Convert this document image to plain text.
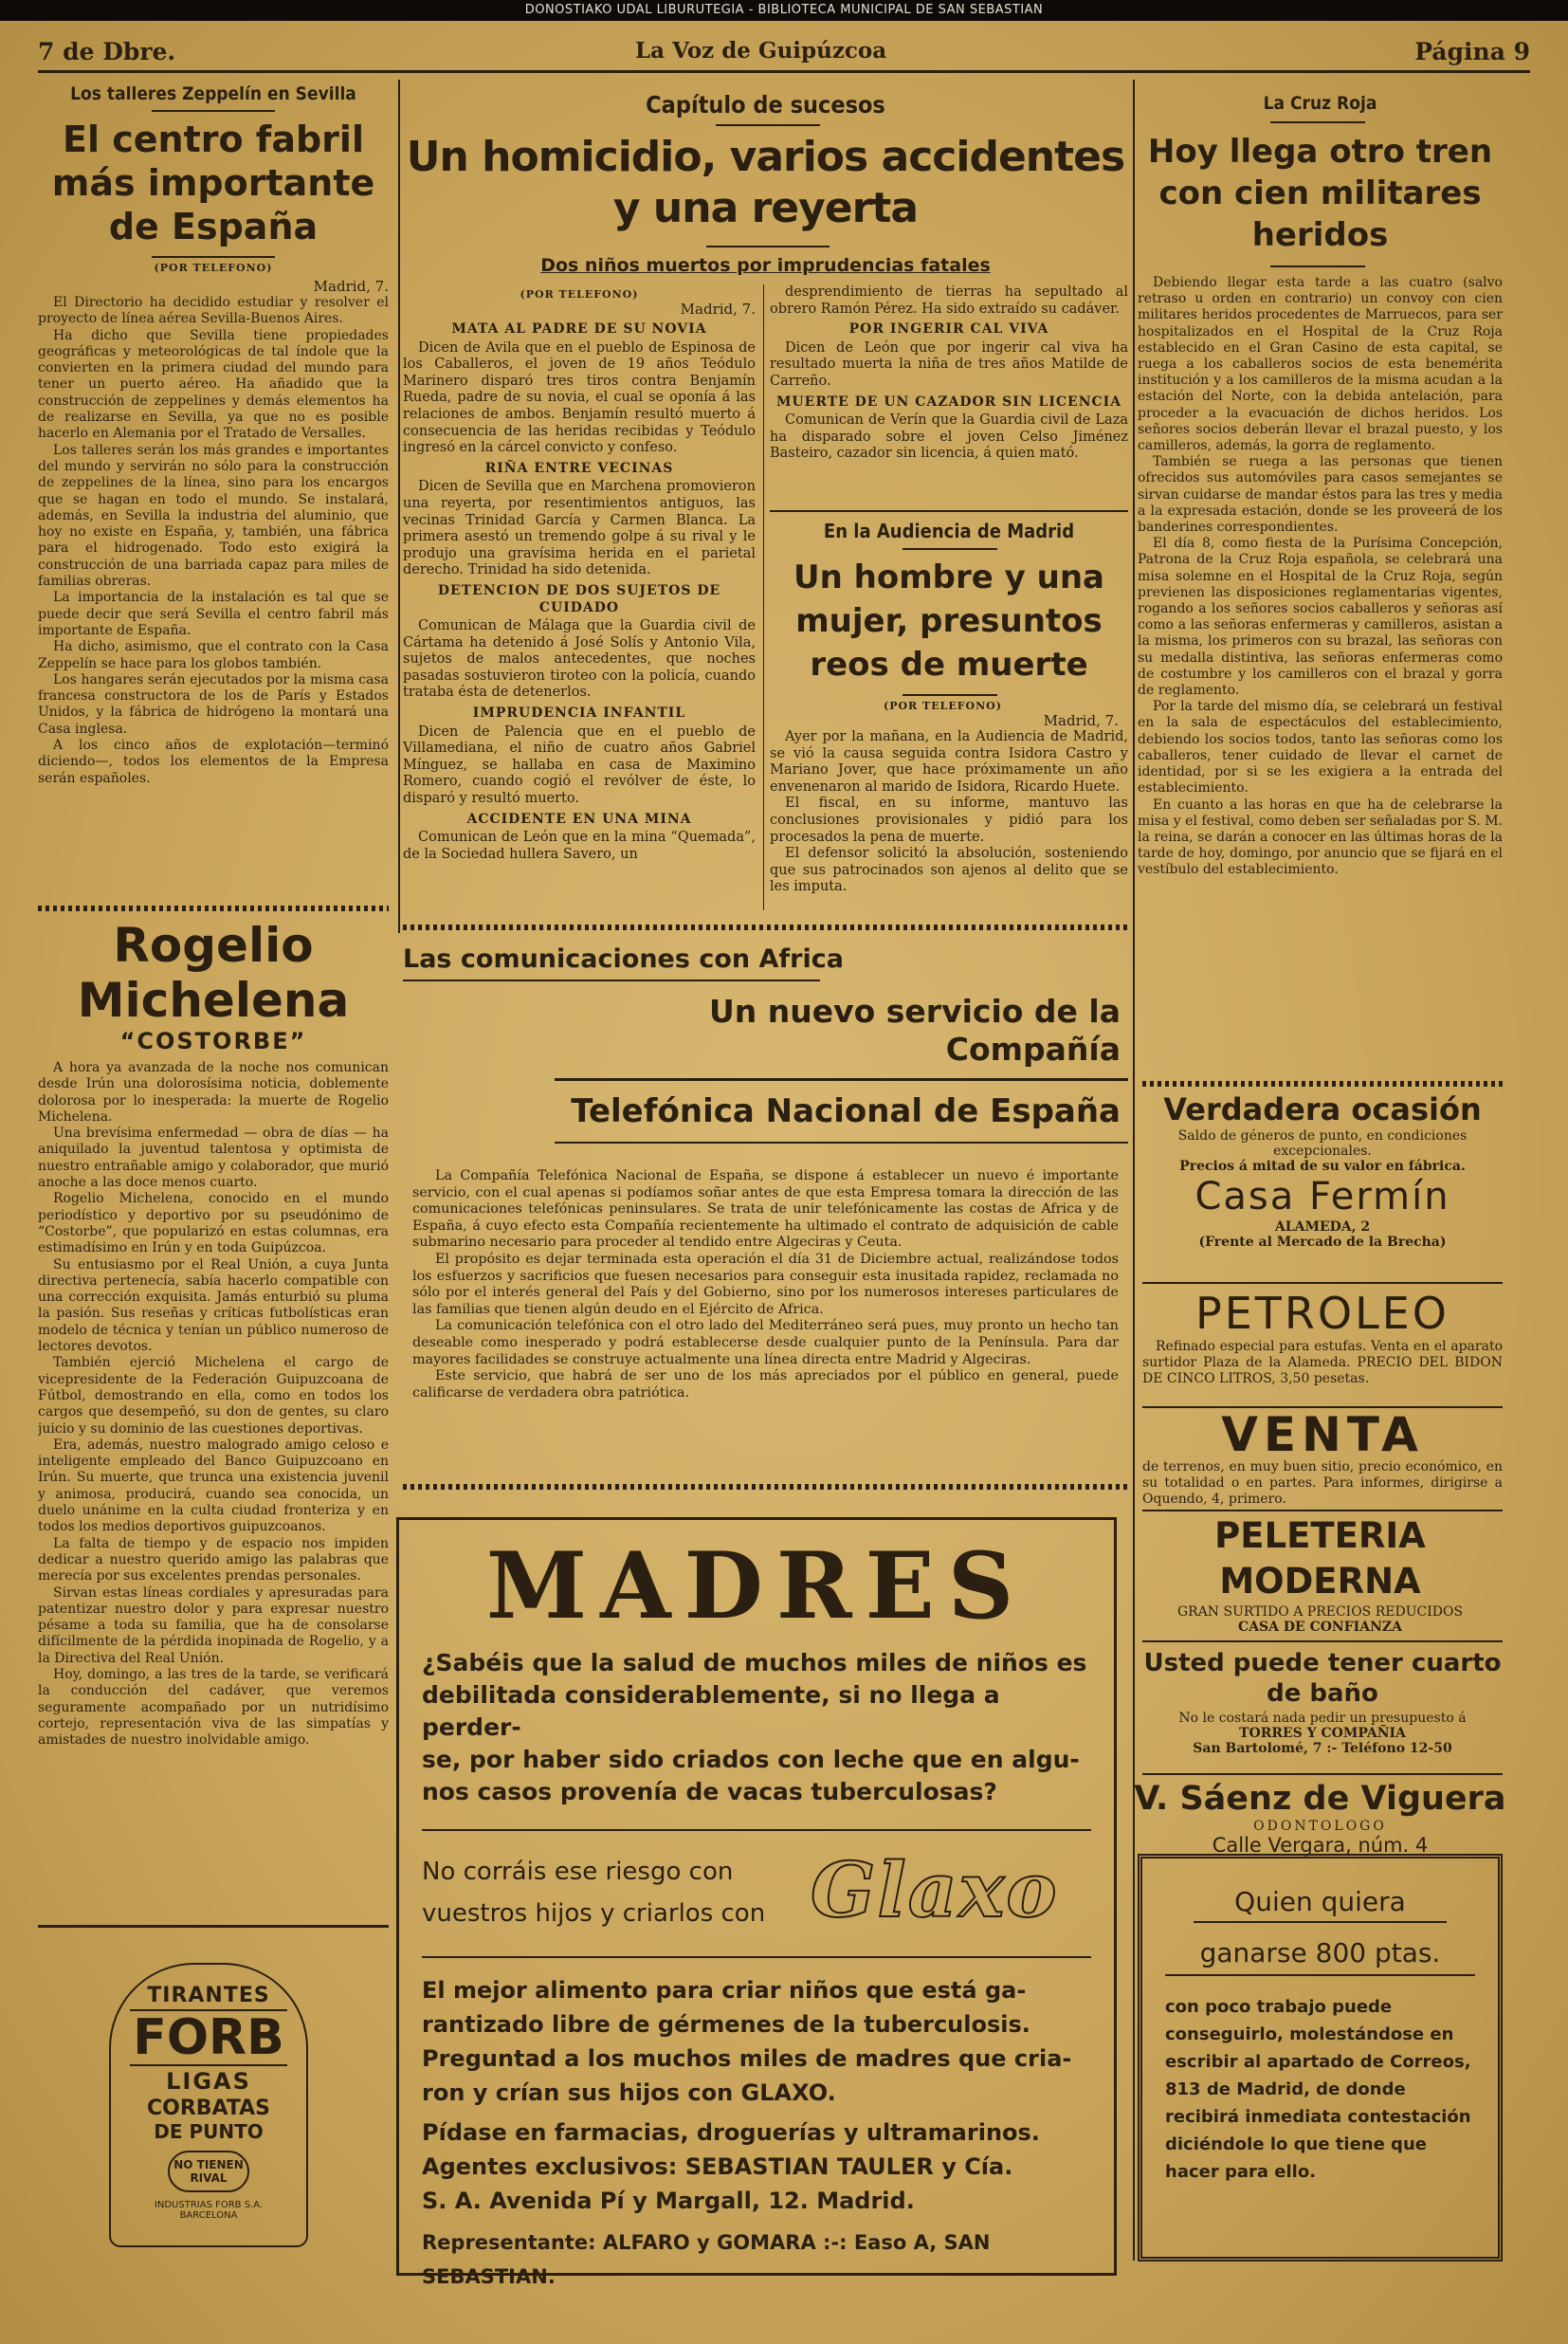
DONOSTIAKO UDAL LIBURUTEGIA - BIBLIOTECA MUNICIPAL DE SAN SEBASTIAN
7 de Dbre.	La Voz de Guipúzcoa	Página 9

Los talleres Zeppelín en Sevilla

El centro fabril más importante de España

(POR TELEFONO)

Madrid, 7.

El Directorio ha decidido estudiar y resolver el proyecto de línea aérea Sevilla-Buenos Aires.

Ha dicho que Sevilla tiene propiedades geográficas y meteorológicas de tal índole que la convierten en la primera ciudad del mundo para tener un puerto aéreo. Ha añadido que la construcción de zeppelines y demás elementos ha de realizarse en Sevilla, ya que no es posible hacerlo en Alemania por el Tratado de Versalles.

Los talleres serán los más grandes e importantes del mundo y servirán no sólo para la construcción de zeppelines de la línea, sino para los encargos que se hagan en todo el mundo. Se instalará, además, en Sevilla la industria del aluminio, que hoy no existe en España, y, también, una fábrica para el hidrogenado. Todo esto exigirá la construcción de una barriada capaz para miles de familias obreras.

La importancia de la instalación es tal que se puede decir que será Sevilla el centro fabril más importante de España.

Ha dicho, asimismo, que el contrato con la Casa Zeppelín se hace para los globos también.

Los hangares serán ejecutados por la misma casa francesa constructora de los de París y Estados Unidos, y la fábrica de hidrógeno la montará una Casa inglesa.

A los cinco años de explotación—terminó diciendo—, todos los elementos de la Empresa serán españoles.

Rogelio Michelena

“COSTORBE”

A hora ya avanzada de la noche nos comunican desde Irún una dolorosísima noticia, doblemente dolorosa por lo inesperada: la muerte de Rogelio Michelena.

Una brevísima enfermedad — obra de días — ha aniquilado la juventud talentosa y optimista de nuestro entrañable amigo y colaborador, que murió anoche a las doce menos cuarto.

Rogelio Michelena, conocido en el mundo periodístico y deportivo por su pseudónimo de “Costorbe”, que popularizó en estas columnas, era estimadísimo en Irún y en toda Guipúzcoa.

Su entusiasmo por el Real Unión, a cuya Junta directiva pertenecía, sabía hacerlo compatible con una corrección exquisita. Jamás enturbió su pluma la pasión. Sus reseñas y críticas futbolísticas eran modelo de técnica y tenían un público numeroso de lectores devotos.

También ejerció Michelena el cargo de vicepresidente de la Federación Guipuzcoana de Fútbol, demostrando en ella, como en todos los cargos que desempeñó, su don de gentes, su claro juicio y su dominio de las cuestiones deportivas.

Era, además, nuestro malogrado amigo celoso e inteligente empleado del Banco Guipuzcoano en Irún. Su muerte, que trunca una existencia juvenil y animosa, producirá, cuando sea conocida, un duelo unánime en la culta ciudad fronteriza y en todos los medios deportivos guipuzcoanos.

La falta de tiempo y de espacio nos impiden dedicar a nuestro querido amigo las palabras que merecía por sus excelentes prendas personales.

Sirvan estas líneas cordiales y apresuradas para patentizar nuestro dolor y para expresar nuestro pésame a toda su familia, que ha de consolarse difícilmente de la pérdida inopinada de Rogelio, y a la Directiva del Real Unión.

Hoy, domingo, a las tres de la tarde, se verificará la conducción del cadáver, que veremos seguramente acompañado por un nutridísimo cortejo, representación viva de las simpatías y amistades de nuestro inolvidable amigo.

TIRANTES
FORB
LIGAS
CORBATAS
DE PUNTO
NO TIENEN RIVAL
INDUSTRIAS FORB S.A.
BARCELONA

Capítulo de sucesos

Un homicidio, varios accidentes y una reyerta

Dos niños muertos por imprudencias fatales

(POR TELEFONO)

Madrid, 7.

MATA AL PADRE DE SU NOVIA

Dicen de Avila que en el pueblo de Espinosa de los Caballeros, el joven de 19 años Teódulo Marinero disparó tres tiros contra Benjamín Rueda, padre de su novia, el cual se oponía á las relaciones de ambos. Benjamín resultó muerto á consecuencia de las heridas recibidas y Teódulo ingresó en la cárcel convicto y confeso.

RIÑA ENTRE VECINAS

Dicen de Sevilla que en Marchena promovieron una reyerta, por resentimientos antiguos, las vecinas Trinidad García y Carmen Blanca. La primera asestó un tremendo golpe á su rival y le produjo una gravísima herida en el parietal derecho. Trinidad ha sido detenida.

DETENCION DE DOS SUJETOS DE CUIDADO

Comunican de Málaga que la Guardia civil de Cártama ha detenido á José Solís y Antonio Vila, sujetos de malos antecedentes, que noches pasadas sostuvieron tiroteo con la policía, cuando trataba ésta de detenerlos.

IMPRUDENCIA INFANTIL

Dicen de Palencia que en el pueblo de Villamediana, el niño de cuatro años Gabriel Mínguez, se hallaba en casa de Maximino Romero, cuando cogió el revólver de éste, lo disparó y resultó muerto.

ACCIDENTE EN UNA MINA

Comunican de León que en la mina “Quemada”, de la Sociedad hullera Savero, un

desprendimiento de tierras ha sepultado al obrero Ramón Pérez. Ha sido extraído su cadáver.

POR INGERIR CAL VIVA

Dicen de León que por ingerir cal viva ha resultado muerta la niña de tres años Matilde de Carreño.

MUERTE DE UN CAZADOR SIN LICENCIA

Comunican de Verín que la Guardia civil de Laza ha disparado sobre el joven Celso Jiménez Basteiro, cazador sin licencia, á quien mató.

En la Audiencia de Madrid

Un hombre y una mujer, presuntos reos de muerte

(POR TELEFONO)

Madrid, 7.

Ayer por la mañana, en la Audiencia de Madrid, se vió la causa seguida contra Isidora Castro y Mariano Jover, que hace próximamente un año envenenaron al marido de Isidora, Ricardo Huete.

El fiscal, en su informe, mantuvo las conclusiones provisionales y pidió para los procesados la pena de muerte.

El defensor solicitó la absolución, sosteniendo que sus patrocinados son ajenos al delito que se les imputa.

Las comunicaciones con Africa

Un nuevo servicio de la Compañía
Telefónica Nacional de España

La Compañía Telefónica Nacional de España, se dispone á establecer un nuevo é importante servicio, con el cual apenas si podíamos soñar antes de que esta Empresa tomara la dirección de las comunicaciones telefónicas peninsulares. Se trata de unir telefónicamente las costas de Africa y de España, á cuyo efecto esta Compañía recientemente ha ultimado el contrato de adquisición de cable submarino necesario para proceder al tendido entre Algeciras y Ceuta.

El propósito es dejar terminada esta operación el día 31 de Diciembre actual, realizándose todos los esfuerzos y sacrificios que fuesen necesarios para conseguir esta inusitada rapidez, reclamada no sólo por el interés general del País y del Gobierno, sino por los numerosos intereses particulares de las familias que tienen algún deudo en el Ejército de Africa.

La comunicación telefónica con el otro lado del Mediterráneo será pues, muy pronto un hecho tan deseable como inesperado y podrá establecerse desde cualquier punto de la Península. Para dar mayores facilidades se construye actualmente una línea directa entre Madrid y Algeciras.

Este servicio, que habrá de ser uno de los más apreciados por el público en general, puede calificarse de verdadera obra patriótica.

MADRES
¿Sabéis que la salud de muchos miles de niños es
debilitada considerablemente, si no llega a perder-
se, por haber sido criados con leche que en algu-
nos casos provenía de vacas tuberculosas?
No corráis ese riesgo con
vuestros hijos y criarlos con Glaxo
El mejor alimento para criar niños que está ga-
rantizado libre de gérmenes de la tuberculosis.
Preguntad a los muchos miles de madres que cria-
ron y crían sus hijos con GLAXO.
Pídase en farmacias, droguerías y ultramarinos.
Agentes exclusivos: SEBASTIAN TAULER y Cía.
S. A. Avenida Pí y Margall, 12. Madrid.
Representante: ALFARO y GOMARA :-: Easo A, SAN SEBASTIAN.

La Cruz Roja

Hoy llega otro tren con cien militares heridos

Debiendo llegar esta tarde a las cuatro (salvo retraso u orden en contrario) un convoy con cien militares heridos procedentes de Marruecos, para ser hospitalizados en el Hospital de la Cruz Roja establecido en el Gran Casino de esta capital, se ruega a los caballeros socios de esta benemérita institución y a los camilleros de la misma acudan a la estación del Norte, con la debida antelación, para proceder a la evacuación de dichos heridos. Los señores socios deberán llevar el brazal puesto, y los camilleros, además, la gorra de reglamento.

También se ruega a las personas que tienen ofrecidos sus automóviles para casos semejantes se sirvan cuidarse de mandar éstos para las tres y media a la expresada estación, donde se les proveerá de los banderines correspondientes.

El día 8, como fiesta de la Purísima Concepción, Patrona de la Cruz Roja española, se celebrará una misa solemne en el Hospital de la Cruz Roja, según previenen las disposiciones reglamentarias vigentes, rogando a los señores socios caballeros y señoras así como a las señoras enfermeras y camilleros, asistan a la misma, los primeros con su brazal, las señoras con su medalla distintiva, las señoras enfermeras como de costumbre y los camilleros con el brazal y gorra de reglamento.

Por la tarde del mismo día, se celebrará un festival en la sala de espectáculos del establecimiento, debiendo los socios todos, tanto las señoras como los caballeros, tener cuidado de llevar el carnet de identidad, por si se les exigiera a la entrada del establecimiento.

En cuanto a las horas en que ha de celebrarse la misa y el festival, como deben ser señaladas por S. M. la reina, se darán a conocer en las últimas horas de la tarde de hoy, domingo, por anuncio que se fijará en el vestíbulo del establecimiento.

Verdadera ocasión
Saldo de géneros de punto, en condiciones excepcionales.
Precios á mitad de su valor en fábrica.
Casa Fermín
ALAMEDA, 2
(Frente al Mercado de la Brecha)
PETROLEO
Refinado especial para estufas. Venta en el aparato surtidor Plaza de la Alameda. PRECIO DEL BIDON DE CINCO LITROS, 3,50 pesetas.
VENTA
de terrenos, en muy buen sitio, precio económico, en su totalidad o en partes. Para informes, dirigirse a Oquendo, 4, primero.
PELETERIA MODERNA
GRAN SURTIDO A PRECIOS REDUCIDOS
CASA DE CONFIANZA
Usted puede tener cuarto de baño
No le costará nada pedir un presupuesto á
TORRES Y COMPAÑIA
San Bartolomé, 7 :- Teléfono 12-50
V. Sáenz de Viguera
ODONTOLOGO
Calle Vergara, núm. 4
Quien quiera
ganarse 800 ptas.
con poco trabajo puede conseguirlo, molestándose en escribir al apartado de Correos, 813 de Madrid, de donde recibirá inmediata contestación diciéndole lo que tiene que hacer para ello.
